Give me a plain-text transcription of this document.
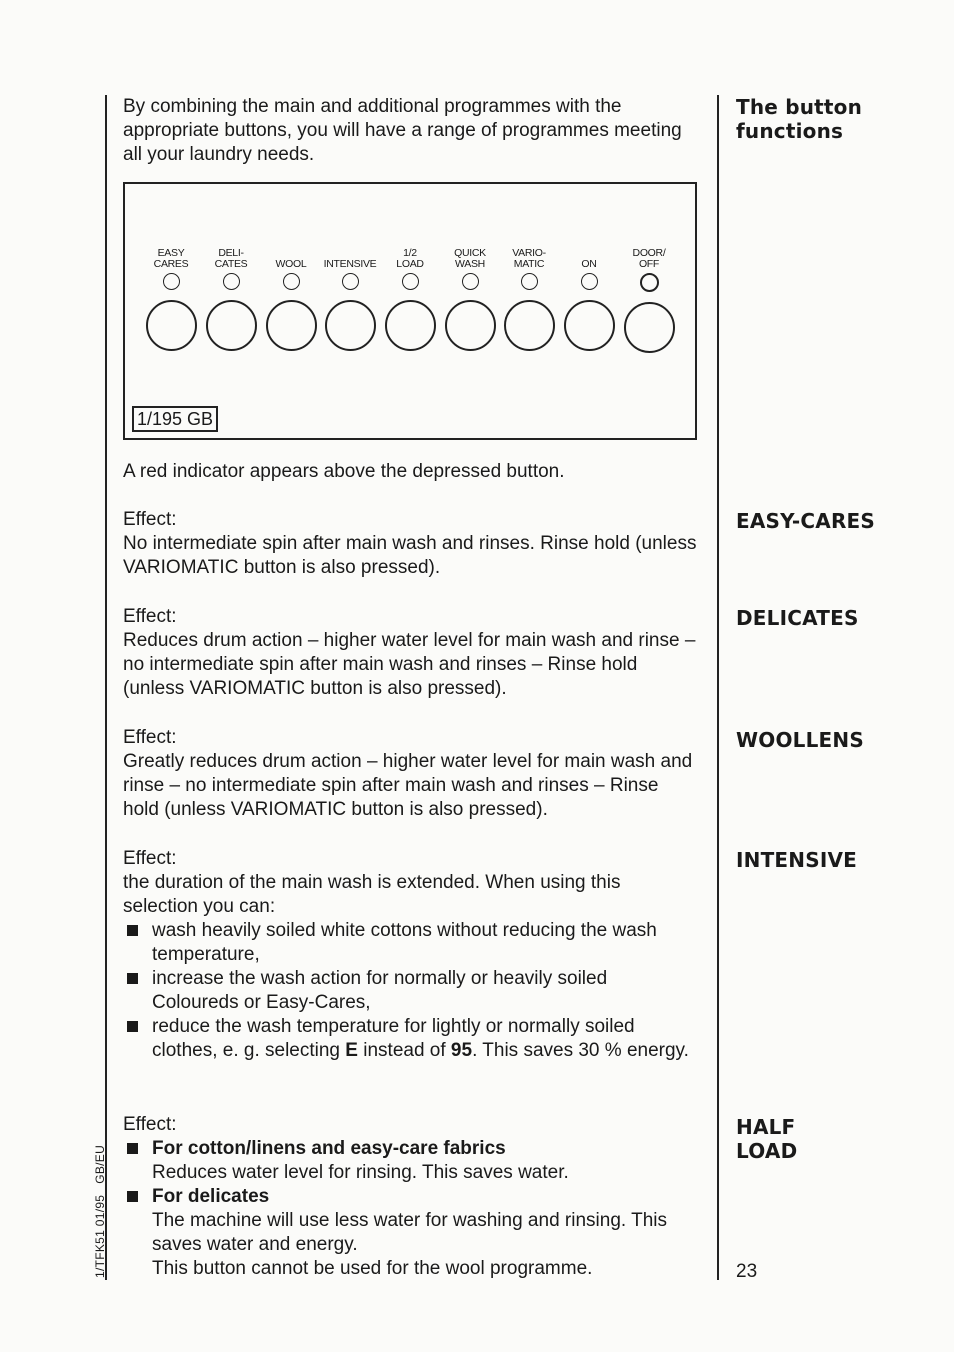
By combining the main and additional programmes with the appropriate buttons, you will have a range of programmes meeting all your laundry needs.
EASY
CARES
DELI-
CATES	WOOL INTENSIVE
1/2
LOAD
QUICK
WASH
VARIO-
MATIC	ON
DOOR/
OFF
1/195 GB

A red indicator appears above the depressed button.

Effect:

No intermediate spin after main wash and rinses. Rinse hold (unless VARIOMATIC button is also pressed).

Effect:

Reduces drum action – higher water level for main wash and rinse – no intermediate spin after main wash and rinses – Rinse hold (unless VARIOMATIC button is also pressed).

Effect:

Greatly reduces drum action – higher water level for main wash and rinse – no intermediate spin after main wash and rinses – Rinse hold (unless VARIOMATIC button is also pressed).

Effect:

the duration of the main wash is extended. When using this selection you can:

wash heavily soiled white cottons without reducing the wash temperature,
increase the wash action for normally or heavily soiled Coloureds or Easy-Cares,
reduce the wash temperature for lightly or normally soiled clothes, e. g. selecting E instead of 95. This saves 30 % energy.

Effect:

For cotton/linens and easy-care fabrics
Reduces water level for rinsing. This saves water.
For delicates
The machine will use less water for washing and rinsing. This saves water and energy.
This button cannot be used for the wool programme.
The button
functions
EASY-CARES
DELICATES
WOOLLENS
INTENSIVE
HALF
LOAD
23
1/TFK51 01/95   GB/EU
